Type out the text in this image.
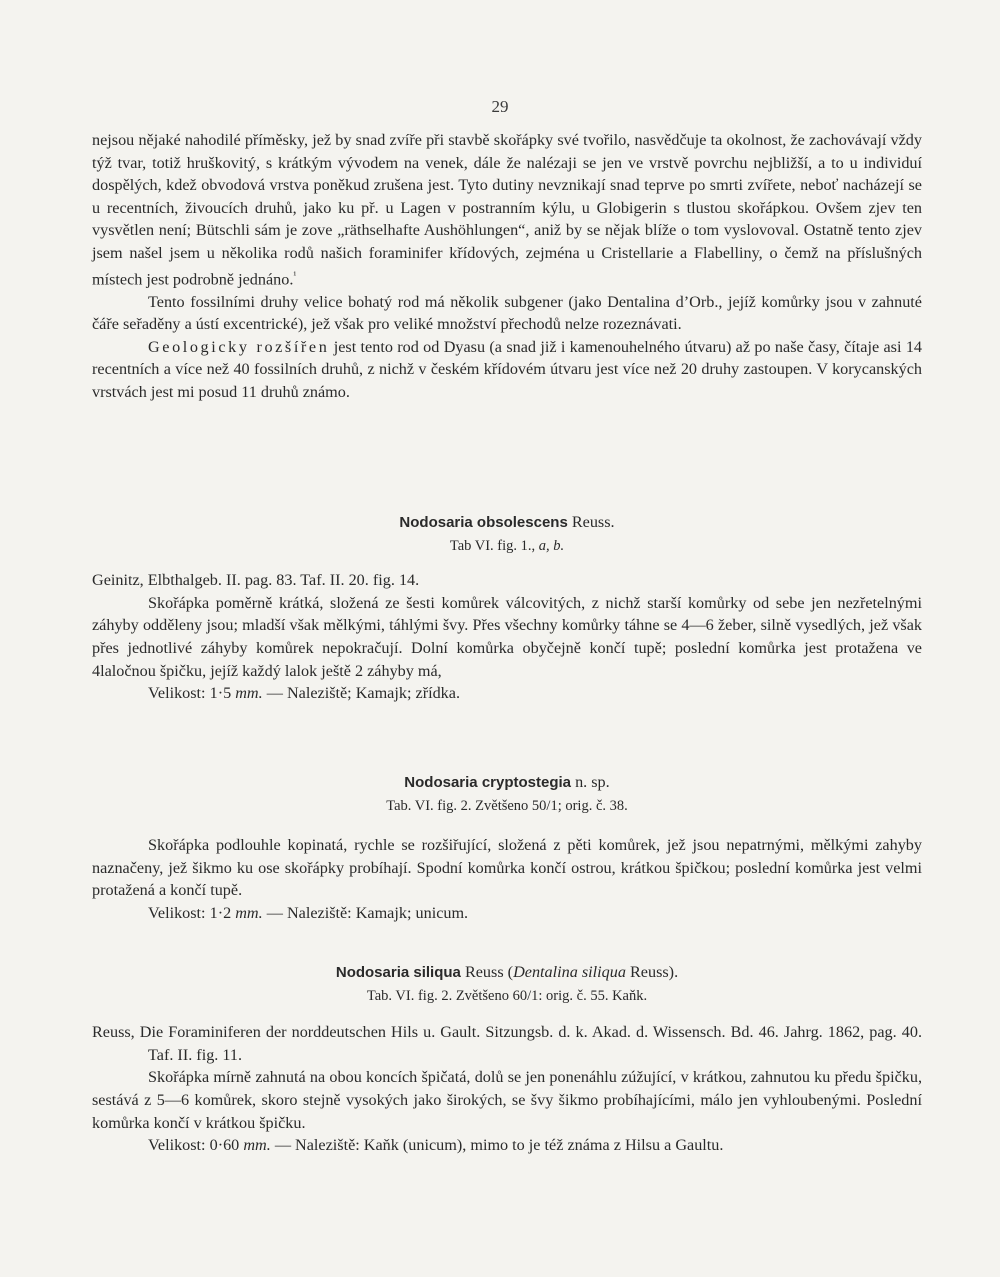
29

nejsou nějaké nahodilé příměsky, jež by snad zvíře při stavbě skořápky své tvořilo, nasvědčuje ta okolnost, že zachovávají vždy týž tvar, totiž hruškovitý, s krátkým vývodem na venek, dále že nalézaji se jen ve vrstvě povrchu nejbližší, a to u individuí dospělých, kdež obvodová vrstva poněkud zrušena jest. Tyto dutiny nevznikají snad teprve po smrti zvířete, neboť nacházejí se u recentních, živoucích druhů, jako ku př. u Lagen v postranním kýlu, u Globigerin s tlustou skořápkou. Ovšem zjev ten vysvětlen není; Bütschli sám je zove „räthselhafte Aushöhlungen“, aniž by se nějak blíže o tom vyslovoval. Ostatně tento zjev jsem našel jsem u několika rodů našich foraminifer křídových, zejména u Cristellarie a Flabelliny, o čemž na příslušných místech jest podrobně jednáno.$^{^1}$

Tento fossilními druhy velice bohatý rod má několik subgener (jako Dentalina d’Orb., jejíž komůrky jsou v zahnuté čáře seřaděny a ústí excentrické), jež však pro veliké množství přechodů nelze rozeznávati.

Geologicky rozšířen jest tento rod od Dyasu (a snad již i kamenouhelného útvaru) až po naše časy, čítaje asi 14 recentních a více než 40 fossilních druhů, z nichž v českém křídovém útvaru jest více než 20 druhy zastoupen. V korycanských vrstvách jest mi posud 11 druhů známo.

Nodosaria obsolescens Reuss.

Tab VI. fig. 1., a, b.

Geinitz, Elbthalgeb. II. pag. 83. Taf. II. 20. fig. 14.

Skořápka poměrně krátká, složená ze šesti komůrek válcovitých, z nichž starší komůrky od sebe jen nezřetelnými záhyby odděleny jsou; mladší však mělkými, táhlými švy. Přes všechny komůrky táhne se 4—6 žeber, silně vysedlých, jež však přes jednotlivé záhyby komůrek nepokračují. Dolní komůrka obyčejně končí tupě; poslední komůrka jest protažena ve 4laločnou špičku, jejíž každý lalok ještě 2 záhyby má,

Velikost: 1·5 mm. — Naleziště; Kamajk; zřídka.

Nodosaria cryptostegia n. sp.

Tab. VI. fig. 2. Zvětšeno 50/1; orig. č. 38.

Skořápka podlouhle kopinatá, rychle se rozšiřující, složená z pěti komůrek, jež jsou nepatrnými, mělkými zahyby naznačeny, jež šikmo ku ose skořápky probíhají. Spodní komůrka končí ostrou, krátkou špičkou; poslední komůrka jest velmi protažená a končí tupě.

Velikost: 1·2 mm. — Naleziště: Kamajk; unicum.

Nodosaria siliqua Reuss (Dentalina siliqua Reuss).

Tab. VI. fig. 2. Zvětšeno 60/1: orig. č. 55. Kaňk.

Reuss, Die Foraminiferen der norddeutschen Hils u. Gault. Sitzungsb. d. k. Akad. d. Wissensch. Bd. 46. Jahrg. 1862, pag. 40. Taf. II. fig. 11.

Skořápka mírně zahnutá na obou koncích špičatá, dolů se jen ponenáhlu zúžující, v krátkou, zahnutou ku předu špičku, sestává z 5—6 komůrek, skoro stejně vysokých jako širokých, se švy šikmo probíhajícími, málo jen vyhloubenými. Poslední komůrka končí v krátkou špičku.

Velikost: 0·60 mm. — Naleziště: Kaňk (unicum), mimo to je též známa z Hilsu a Gaultu.
